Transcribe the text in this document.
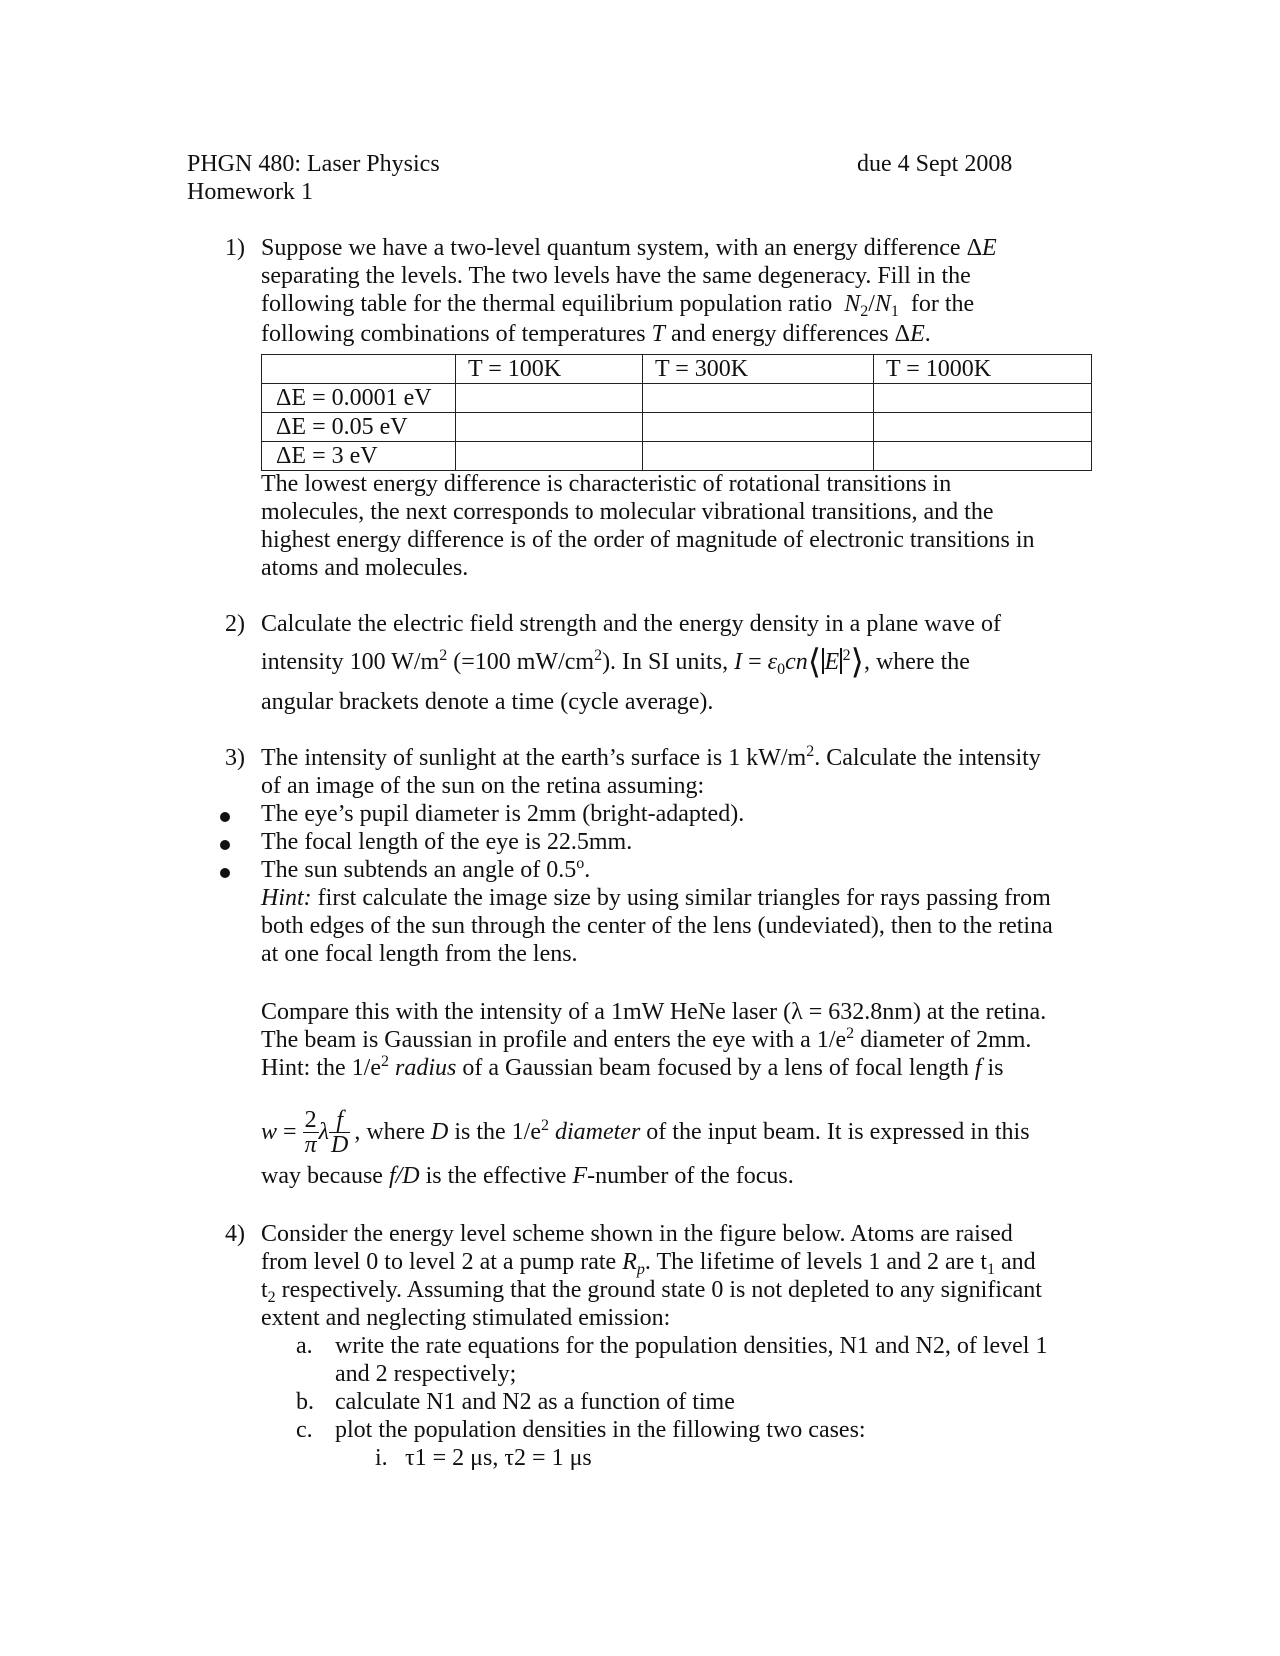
PHGN 480: Laser Physics
Homework 1
due 4 Sept 2008
1) Suppose we have a two-level quantum system, with an energy difference ΔE
separating the levels. The two levels have the same degeneracy. Fill in the
following table for the thermal equilibrium population ratio $N_2/N_1$ for the
following combinations of temperatures T and energy differences ΔE.

	T = 100K	T = 300K	T = 1000K

ΔE = 0.0001 eV			
ΔE = 0.05 eV			
ΔE = 3 eV			
The lowest energy difference is characteristic of rotational transitions in
molecules, the next corresponds to molecular vibrational transitions, and the
highest energy difference is of the order of magnitude of electronic transitions in
atoms and molecules.
2) Calculate the electric field strength and the energy density in a plane wave of
intensity 100 $W/m^2$ (=100 $mW/cm^2$). In SI units, $I = \varepsilon_0cn⟨$ E $^2$⟩, where the
angular brackets denote a time (cycle average).
3) The intensity of sunlight at the earth’s surface is 1 $kW/m^2$. Calculate the intensity
of an image of the sun on the retina assuming:
The eye’s pupil diameter is 2mm (bright-adapted).
The focal length of the eye is 22.5mm.
The sun subtends an angle of 0.5$^o$.
Hint: first calculate the image size by using similar triangles for rays passing from
both edges of the sun through the center of the lens (undeviated), then to the retina
at one focal length from the lens.
Compare this with the intensity of a 1mW HeNe laser (λ = 632.8nm) at the retina.
The beam is Gaussian in profile and enters the eye with a $1/e^2$ diameter of 2mm.
Hint: the $1/e^2$ radius of a Gaussian beam focused by a lens of focal length f is
$w = \frac{2}{\pi}$ λ $\frac{f}{D}$ , where D is the $1/e^2$ diameter of the input beam. It is expressed in this
way because f/D is the effective F-number of the focus.
4) Consider the energy level scheme shown in the figure below. Atoms are raised
from level 0 to level 2 at a pump rate $R_p$. The lifetime of levels 1 and 2 are $t_1$ and
$t_2$ respectively. Assuming that the ground state 0 is not depleted to any significant
extent and neglecting stimulated emission:
a. write the rate equations for the population densities, N1 and N2, of level 1
and 2 respectively;
b. calculate N1 and N2 as a function of time
c. plot the population densities in the fillowing two cases:
i. τ1 = 2 μs, τ2 = 1 μs
